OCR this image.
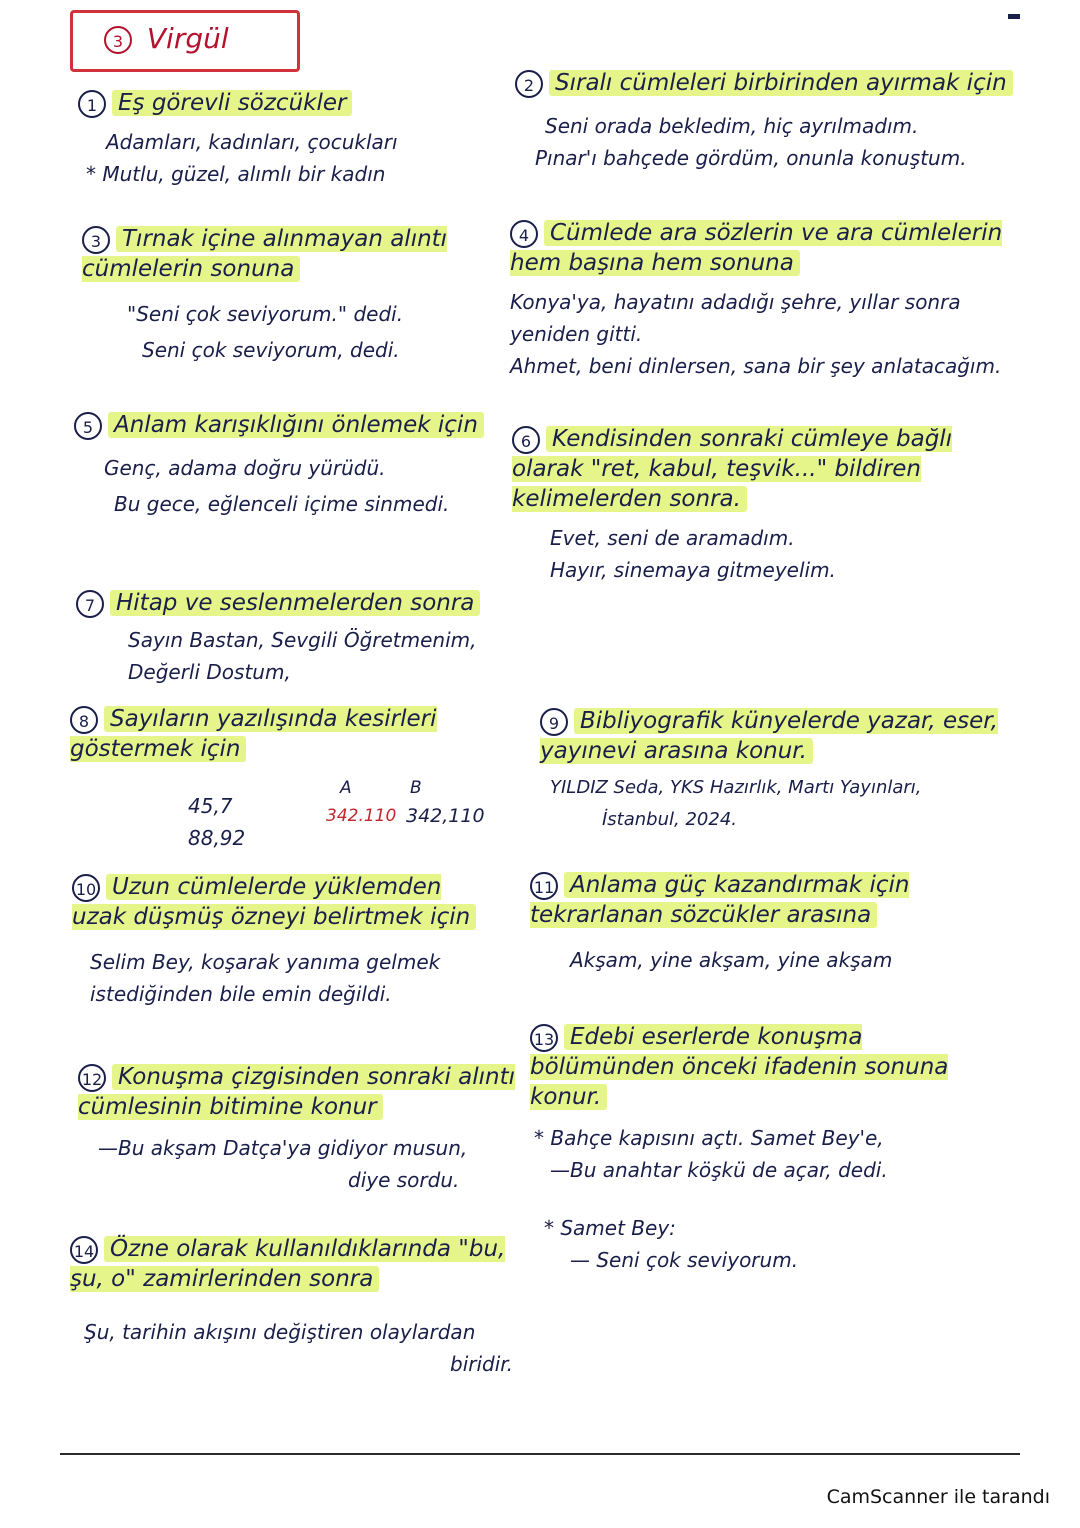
3 Virgül
1 Eş görevli sözcükler
Adamları, kadınları, çocukları
* Mutlu, güzel, alımlı bir kadın
2 Sıralı cümleleri birbirinden ayırmak için
Seni orada bekledim, hiç ayrılmadım.
Pınar'ı bahçede gördüm, onunla konuştum.
3 Tırnak içine alınmayan alıntı cümlelerin sonuna
"Seni çok seviyorum." dedi.
Seni çok seviyorum, dedi.
4 Cümlede ara sözlerin ve ara cümlelerin hem başına hem sonuna
Konya'ya, hayatını adadığı şehre, yıllar sonra yeniden gitti.
Ahmet, beni dinlersen, sana bir şey anlatacağım.
5 Anlam karışıklığını önlemek için
Genç, adama doğru yürüdü.
Bu gece, eğlenceli içime sinmedi.
6 Kendisinden sonraki cümleye bağlı olarak "ret, kabul, teşvik..." bildiren kelimelerden sonra.
Evet, seni de aramadım.
Hayır, sinemaya gitmeyelim.
7 Hitap ve seslenmelerden sonra
Sayın Bastan, Sevgili Öğretmenim,
Değerli Dostum,
8 Sayıların yazılışında kesirleri göstermek için
45,7
88,92
A	B
342.110 342,110
9 Bibliyografik künyelerde yazar, eser, yayınevi arasına konur.
YILDIZ Seda, YKS Hazırlık, Martı Yayınları,
İstanbul, 2024.
10 Uzun cümlelerde yüklemden uzak düşmüş özneyi belirtmek için
Selim Bey, koşarak yanıma gelmek
istediğinden bile emin değildi.
11 Anlama güç kazandırmak için tekrarlanan sözcükler arasına
Akşam, yine akşam, yine akşam
12 Konuşma çizgisinden sonraki alıntı cümlesinin bitimine konur
—Bu akşam Datça'ya gidiyor musun,
diye sordu.
13 Edebi eserlerde konuşma bölümünden önceki ifadenin sonuna konur.
* Bahçe kapısını açtı. Samet Bey'e,
—Bu anahtar köşkü de açar, dedi.
* Samet Bey:
— Seni çok seviyorum.
14 Özne olarak kullanıldıklarında "bu, şu, o" zamirlerinden sonra
Şu, tarihin akışını değiştiren olaylardan
biridir.
CamScanner ile tarandı
